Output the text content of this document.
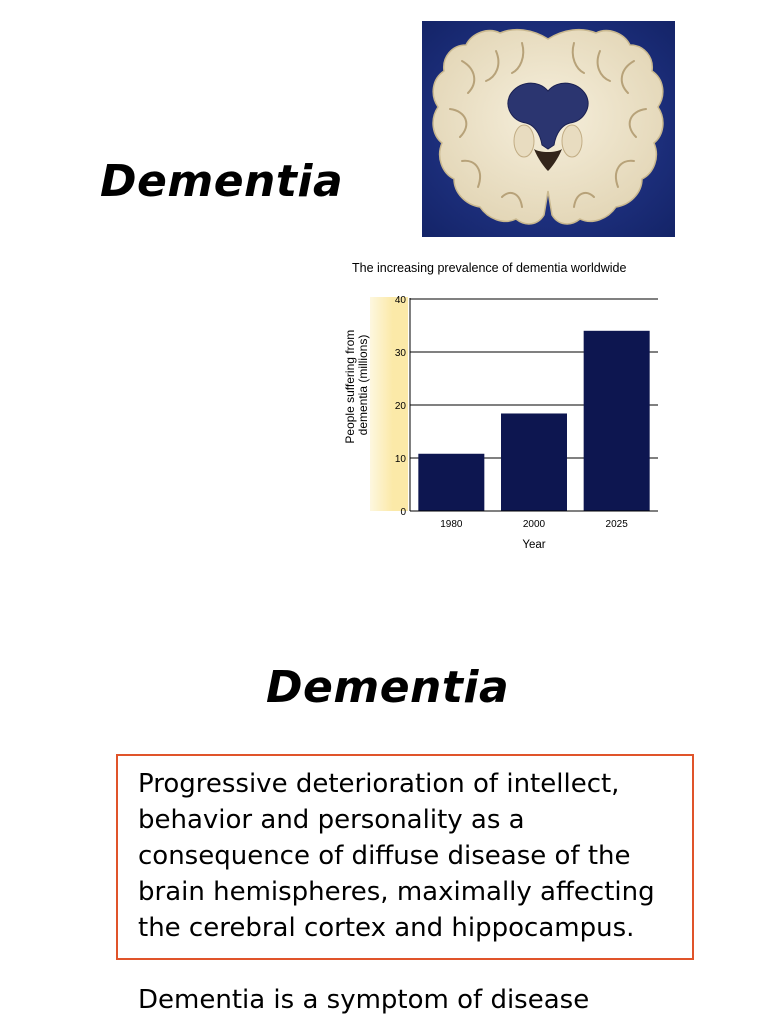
Dementia
The increasing prevalence of dementia worldwide
0
10
20
30
40
1980	2000	2025
Year
People suffering from dementia (millions)
Dementia
Progressive deterioration of intellect,
behavior and personality as a
consequence of diffuse disease of the
brain hemispheres, maximally affecting
the cerebral cortex and hippocampus.
Dementia is a symptom of disease
